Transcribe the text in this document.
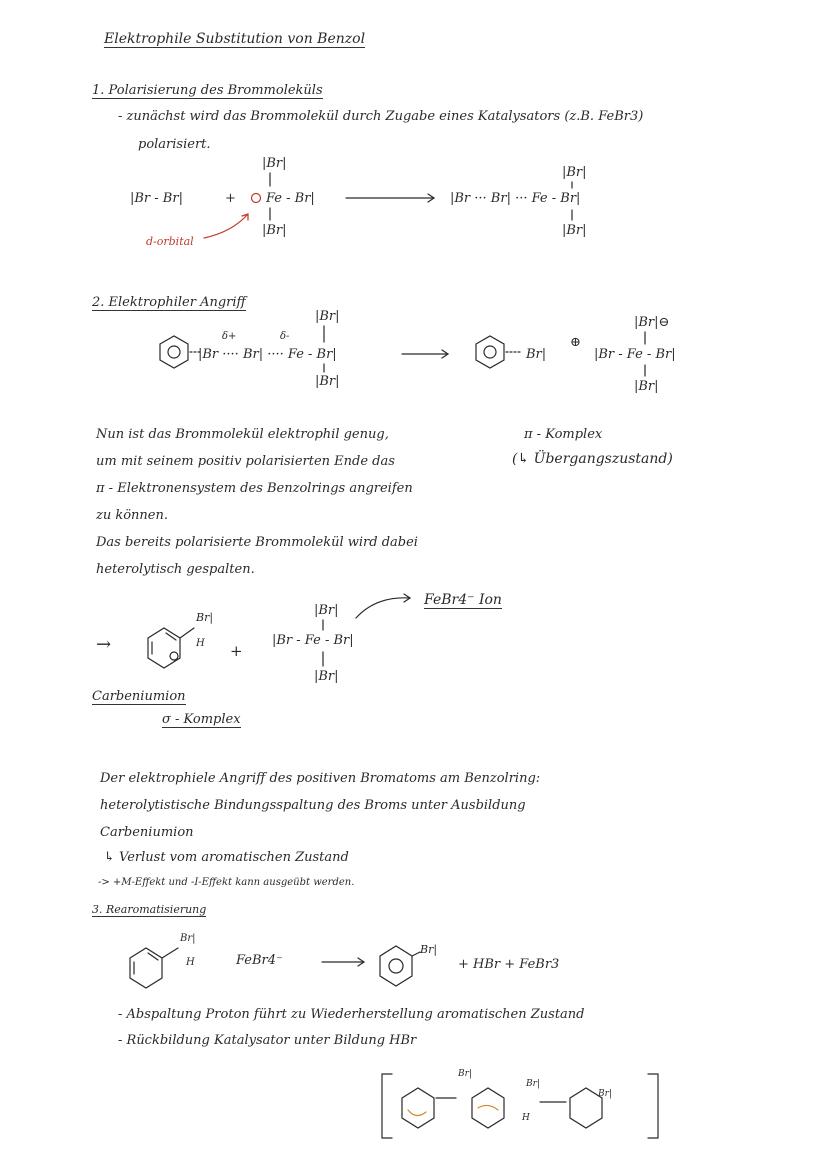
Elektrophile Substitution von Benzol
1. Polarisierung des Brommoleküls
- zunächst wird das Brommolekül durch Zugabe eines Katalysators (z.B. FeBr3)
polarisiert.
|Br|
|Br - Br|	+ Fe - Br|
|Br|
d-orbital
|Br|
|Br ··· Br| ··· Fe - Br|
|Br|
2. Elektrophiler Angriff
δ+	δ-
|Br|
|Br ···· Br| ···· Fe - Br|
|Br|
Br|
⊕
|Br|⊖
|Br - Fe - Br|
|Br|
π - Komplex
(↳ Übergangszustand)
Nun ist das Brommolekül elektrophil genug,
um mit seinem positiv polarisierten Ende das
π - Elektronensystem des Benzolrings angreifen
zu können.
Das bereits polarisierte Brommolekül wird dabei
heterolytisch gespalten.
FeBr4⁻ Ion
→
Br|
H +
|Br|
|Br - Fe - Br|
|Br|
Carbeniumion
σ - Komplex
Der elektrophiele Angriff des positiven Bromatoms am Benzolring:
heterolytistische Bindungsspaltung des Broms unter Ausbildung
Carbeniumion
↳ Verlust vom aromatischen Zustand
-> +M-Effekt und -I-Effekt kann ausgeübt werden.
3. Rearomatisierung
Br|
H	FeBr4⁻
Br|
+ HBr + FeBr3
- Abspaltung Proton führt zu Wiederherstellung aromatischen Zustand
- Rückbildung Katalysator unter Bildung HBr
Br|
Br|
Br|
H
